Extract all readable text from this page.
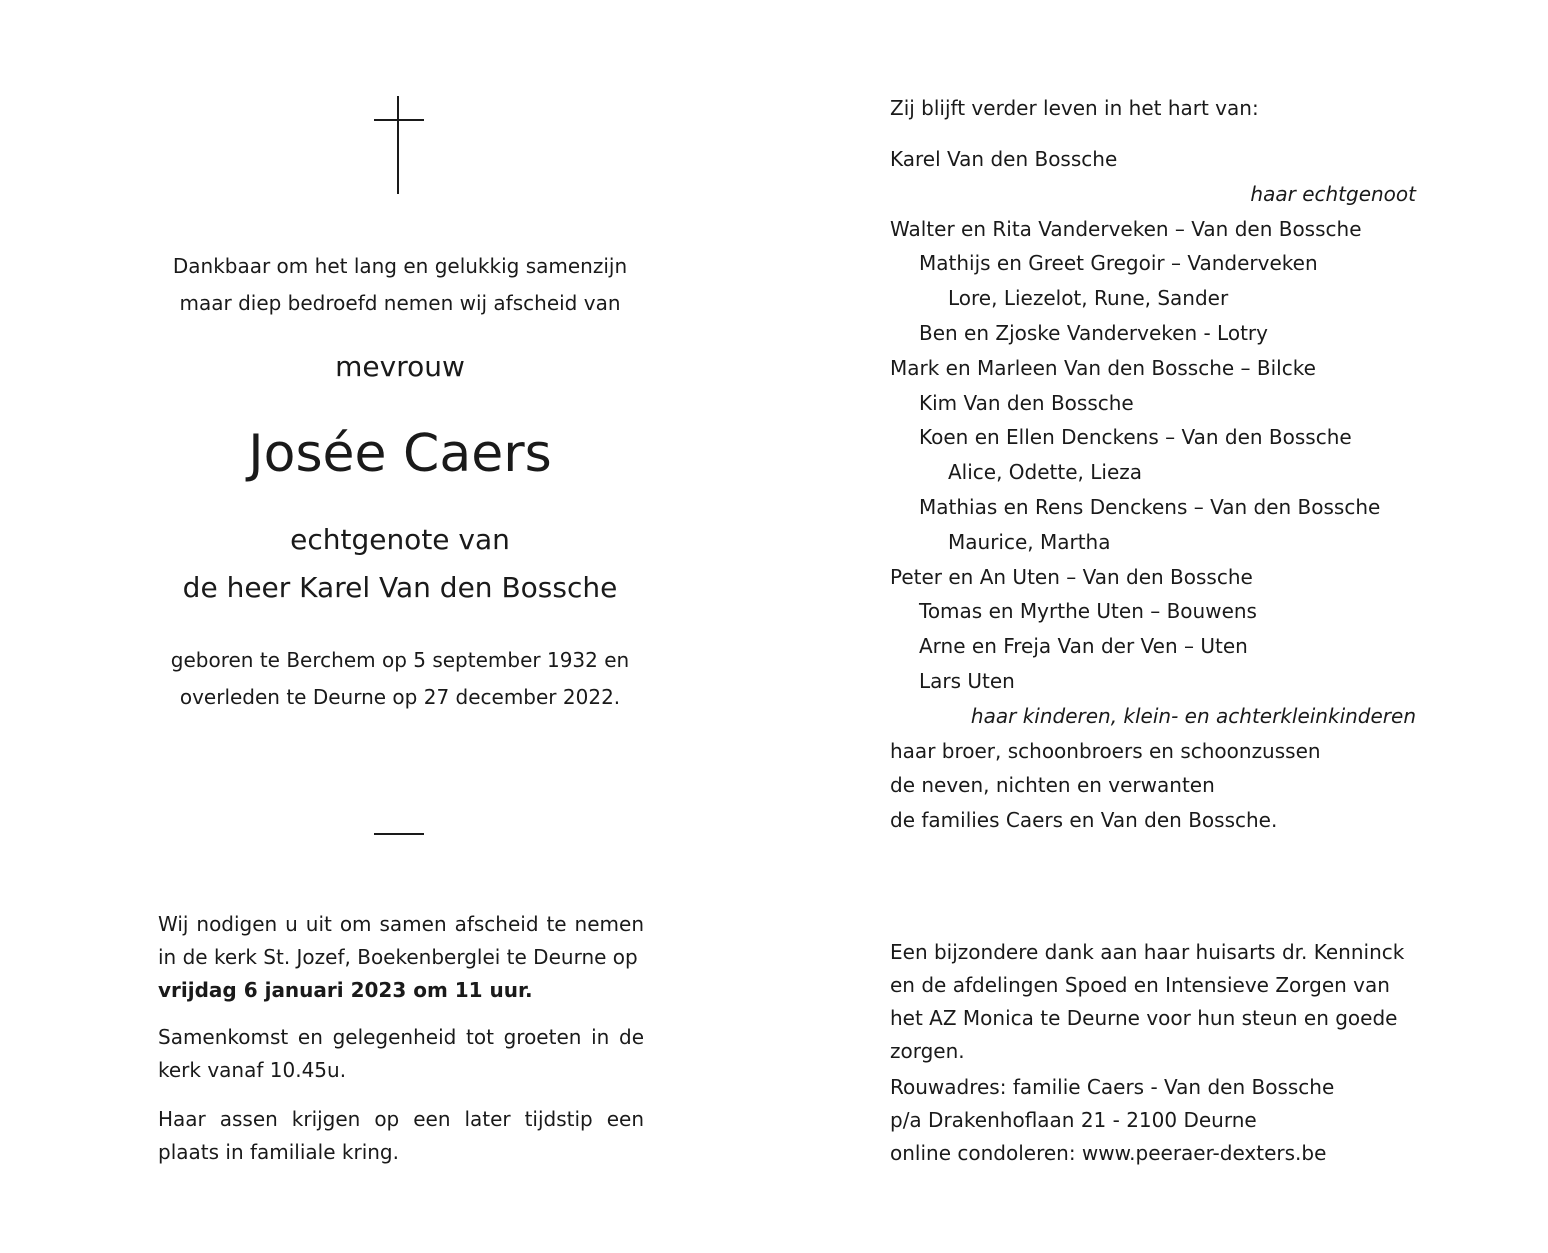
Dankbaar om het lang en gelukkig samenzijn
maar diep bedroefd nemen wij afscheid van
mevrouw
Josée Caers
echtgenote van
de heer Karel Van den Bossche
geboren te Berchem op 5 september 1932 en
overleden te Deurne op 27 december 2022.

Wij nodigen u uit om samen afscheid te nemen in de kerk St. Jozef, Boekenberglei te Deurne op
vrijdag 6 januari 2023 om 11 uur.

Samenkomst en gelegenheid tot groeten in de kerk vanaf 10.45u.
Haar assen krijgen op een later tijdstip een plaats in familiale kring.
Zij blijft verder leven in het hart van:
Karel Van den Bossche
haar echtgenoot
Walter en Rita Vanderveken – Van den Bossche
Mathijs en Greet Gregoir – Vanderveken
Lore, Liezelot, Rune, Sander
Ben en Zjoske Vanderveken - Lotry
Mark en Marleen Van den Bossche – Bilcke
Kim Van den Bossche
Koen en Ellen Denckens – Van den Bossche
Alice, Odette, Lieza
Mathias en Rens Denckens – Van den Bossche
Maurice, Martha
Peter en An Uten – Van den Bossche
Tomas en Myrthe Uten – Bouwens
Arne en Freja Van der Ven – Uten
Lars Uten
haar kinderen, klein- en achterkleinkinderen
haar broer, schoonbroers en schoonzussen
de neven, nichten en verwanten
de families Caers en Van den Bossche.
Een bijzondere dank aan haar huisarts dr. Kenninck en de afdelingen Spoed en Intensieve Zorgen van het AZ Monica te Deurne voor hun steun en goede zorgen.
Rouwadres: familie Caers - Van den Bossche
p/a Drakenhoflaan 21 - 2100 Deurne
online condoleren: www.peeraer-dexters.be
